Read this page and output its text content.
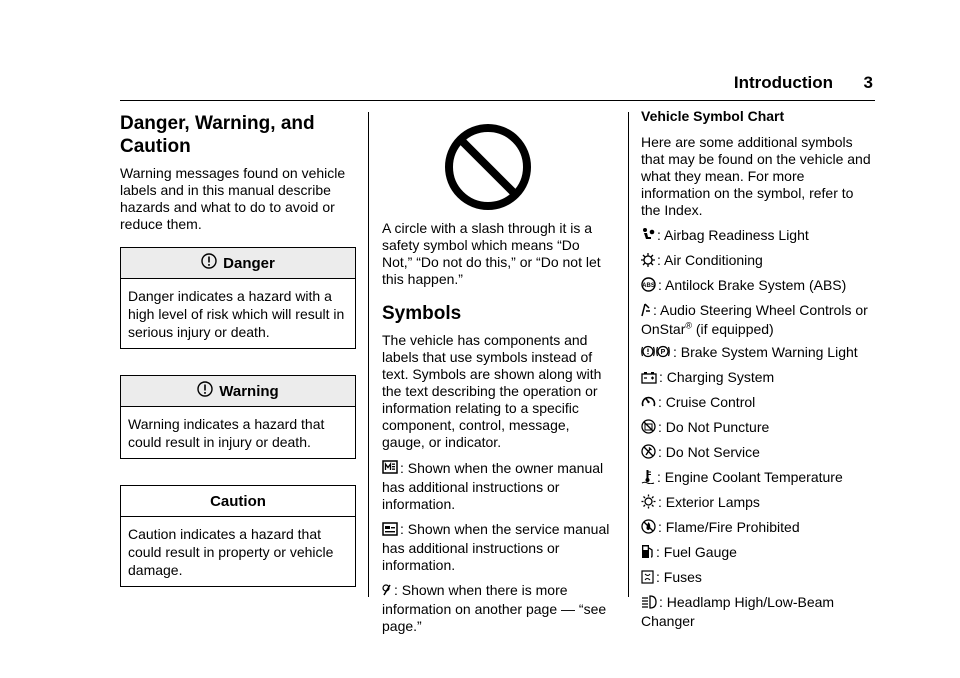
Introduction 3
Danger, Warning, and Caution

Warning messages found on vehicle labels and in this manual describe hazards and what to do to avoid or reduce them.

Danger
Danger indicates a hazard with a high level of risk which will result in serious injury or death.
Warning
Warning indicates a hazard that could result in injury or death.
Caution
Caution indicates a hazard that could result in property or vehicle damage.

A circle with a slash through it is a safety symbol which means “Do Not,” “Do not do this,” or “Do not let this happen.”

Symbols

The vehicle has components and labels that use symbols instead of text. Symbols are shown along with the text describing the operation or information relating to a specific component, control, message, gauge, or indicator.

: Shown when the owner manual has additional instructions or information.

: Shown when the service manual has additional instructions or information.

: Shown when there is more information on another page — “see page.”

Vehicle Symbol Chart

Here are some additional symbols that may be found on the vehicle and what they mean. For more information on the symbol, refer to the Index.

: Airbag Readiness Light

: Air Conditioning

ABS : Antilock Brake System (ABS)

: Audio Steering Wheel Controls or OnStar® (if equipped)

P : Brake System Warning Light

: Charging System

: Cruise Control

: Do Not Puncture

: Do Not Service

: Engine Coolant Temperature

: Exterior Lamps

: Flame/Fire Prohibited

: Fuel Gauge

: Fuses

: Headlamp High/Low-Beam Changer
